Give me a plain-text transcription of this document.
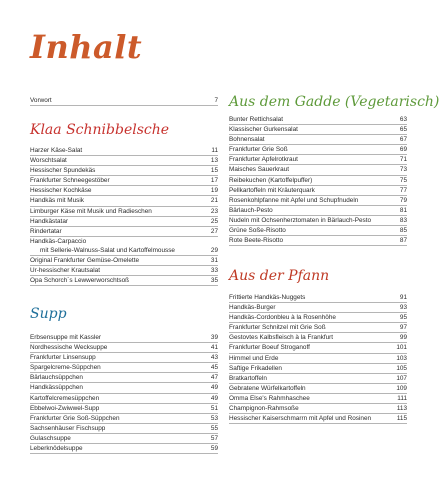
Inhalt
Vorwort	7
Klaa Schnibbelsche
Harzer Käse-Salat	11
Worschtsalat	13
Hessischer Spundekäs	15
Frankfurter Schneegestöber	17
Hessischer Kochkäse	19
Handkäs mit Musik	21
Limburger Käse mit Musik und Radieschen	23
Handkästatar	25
Rindertatar	27
Handkäs-Carpaccio
mit Sellerie-Walnuss-Salat und Kartoffelmousse	29
Original Frankfurter Gemüse-Omelette	31
Ur-hessischer Krautsalat	33
Opa Schorch´s Lewwerworschtsoß	35
Supp
Erbsensuppe mit Kassler	39
Nordhessische Wecksuppe	41
Frankfurter Linsensupp	43
Spargelcreme-Süppchen	45
Bärlauchsüppchen	47
Handkässüppchen	49
Kartoffelcremesüppchen	49
Ebbelwoi-Zwiwwel-Supp	51
Frankfurter Grie Soß-Süppchen	53
Sachsenhäuser Fischsupp	55
Gulaschsuppe	57
Leberknödelsuppe	59
Aus dem Gadde (Vegetarisch)
Bunter Rettichsalat	63
Klassischer Gurkensalat	65
Bohnensalat	67
Frankfurter Grie Soß	69
Frankfurter Apfelrotkraut	71
Maisches Sauerkraut	73
Reibekuchen (Kartoffelpuffer)	75
Pellkartoffeln mit Kräuterquark	77
Rosenkohlpfanne mit Apfel und Schupfnudeln	79
Bärlauch-Pesto	81
Nudeln mit Ochsenherztomaten in Bärlauch-Pesto	83
Grüne Soße-Risotto	85
Rote Beete-Risotto	87
Aus der Pfann
Frittierte Handkäs-Nuggets	91
Handkäs-Burger	93
Handkäs-Cordonbleu à la Rosenhöhe	95
Frankfurter Schnitzel mit Grie Soß	97
Gestovtes Kalbsfleisch à la Frankfurt	99
Frankfurter Boeuf Stroganoff	101
Himmel und Erde	103
Saftige Frikadellen	105
Bratkartoffeln	107
Gebratene Würfelkartoffeln	109
Omma Else's Rahmhaschee	111
Champignon-Rahmsoße	113
Hessischer Kaiserschmarrn mit Apfel und Rosinen	115
